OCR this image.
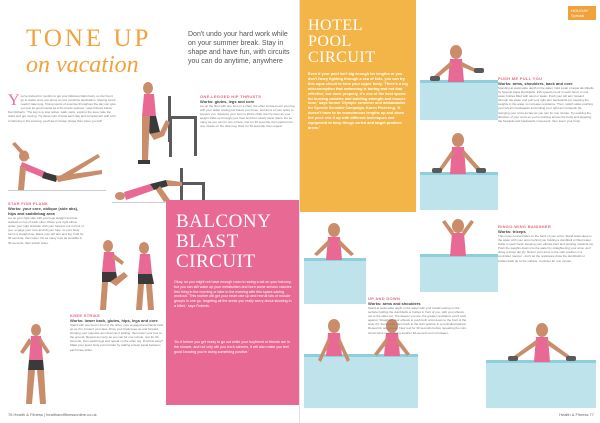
TONE UP
on vacation
Don't undo your hard work while on your summer break. Stay in shape and have fun, with circuits you can do anytime, anywhere
Y ou've trained for months to get your fabulous bikini body, so don't let it go to waste once you arrive at your sunshine destination. Staying toned needn't take long. 'Doing sports of exercise throughout the day can give you just as good results as a 60-minute workout,' says Fitness trainer Dan Roberts. 'The key is to stay active: walk, swim, explore the area, take the stairs and get moving. Try these mini circuits each day and complement with a bit of dancing in the evening, you'll feel in better shape than when you left!'
ONE-LEGGED HIP THRUSTS
Works: glutes, legs and core
Lie on the floor with one foot on a chair, the other crossed over your leg with your ankle resting just below your knee, and arms at your sides to support you. Squeeze your bum to lift the chair, the hip rises as your weight shifts up through your heel and then slowly lower down. Do as many as you can for one minute, rest for 30 seconds, then perform for one minute on the other leg. Rest for 30 seconds, then repeat.
STAR FISH PLANK
Works: your core, oblique (side abs), hips and saddlebag area
Lie on your right side with your legs straight and feet stacked on top of each other. Place your right elbow under your right shoulder with your forearm out in front of you, engage your core and lift your hips, so your body forms a straight line. Raise your left arm and leg, hold for 30 seconds, then lower. Do as many reps as possible in 30 seconds, then switch sides.
KNEE STRIKE
Works: lower back, glutes, hips, legs and core
Stand with one foot in front of the other, core engaged and hands held up as if to 'protect' your face. Drive your back knee up and forward, bringing your opposite arm down as if striking, then lower your foot to the ground. Repeat as many as you can for one minute, rest for 30 seconds, then switch legs and repeat on the other leg. Find this easy? Make your lower body even harder by adding a deep squat between each knee strike.
76 Health & Fitness | healthandfitnessonline.co.uk
BALCONY
BLAST
CIRCUIT
Okay, so you might not have enough room to swing a cat on your balcony, but you can still wake up your metabolism and burn some serious calories first thing in the morning or later in the evening with this space-saving workout. 'This routine will get your heart rate up and recruit lots of muscle groups in one go, targeting all the areas you really worry about showing in a bikini,' says Roberts.
'Do it before you get ready to go out while your boyfriend or friends are in the shower, and not only will you torch calories, it will also make you feel good knowing you're doing something positive.'
HOLIDAY
Special
PUSH ME PULL YOU
Works: arms, shoulders, back and core
Standing at waist-wide depth in the water, hold a pair of aqua dumbbells by Speedo Aqua Dumbbells, £15 speedo.co.uk in each hand, or use water bottles filled with sand or water. Push your left arm forward through the water and pull your right arm backwards (a), keeping the weights in the water so increase resistance. Then, switch sides pushing your left arm backwards and pulling your right arm forwards (b), swinging your arms as fast as you can for one minute. Try working the direction of your arms so you're working across the body and targeting the forwards and backwards movement, then lower your body.
RINGO-WING BANISHER
Works: triceps
This move concentrates on the back of your arms. Stand waist-deep in the water with your arms behind you holding a dumbbell or filled water bottle in each hand, keeping your elbows bent and pointing upwards (a). Push the weights down into the water by straightening your arms, as if doing a tricep dip (b). Return your arms to the start position in a controlled manner - don't let the resistance draw the dumbbells or bottles back up to the surface. Continue for one minute.
UP AND DOWN
Works: arms and shoulders
Stand at waist-wide depth in the water with your hands resting on the surface holding the dumbbells or bottles in front of you, with your elbows out to the sides (a). The deeper you are, the greater resistance you'll work against. Straighten your elbows to push both arms down to the front of the body (b), then return them back to the start position in a controlled fashion. Repeat for one minute. Now rest for 30 seconds before repeating the mini-circuit twice more, taking another 30-second rest in between.
Health & Fitness 77
HOTEL
POOL
CIRCUIT
Even if your pool isn't big enough for lengths or you don't fancy fighting through a sea of kids, you can try this aqua circuit to tone your upper body. 'There's a big misconception that swimming is boring and not that effective, but done properly, it's one of the best sports for burning calories and building strength and muscle tone,' says former Olympic swimmer and ambassador for Speedo Sensible Campaign, Karen Pickering. 'It doesn't have to be monotonous lengths up and down the pool: mix it up with different techniques and equipment to keep things varied and target problem areas.'
